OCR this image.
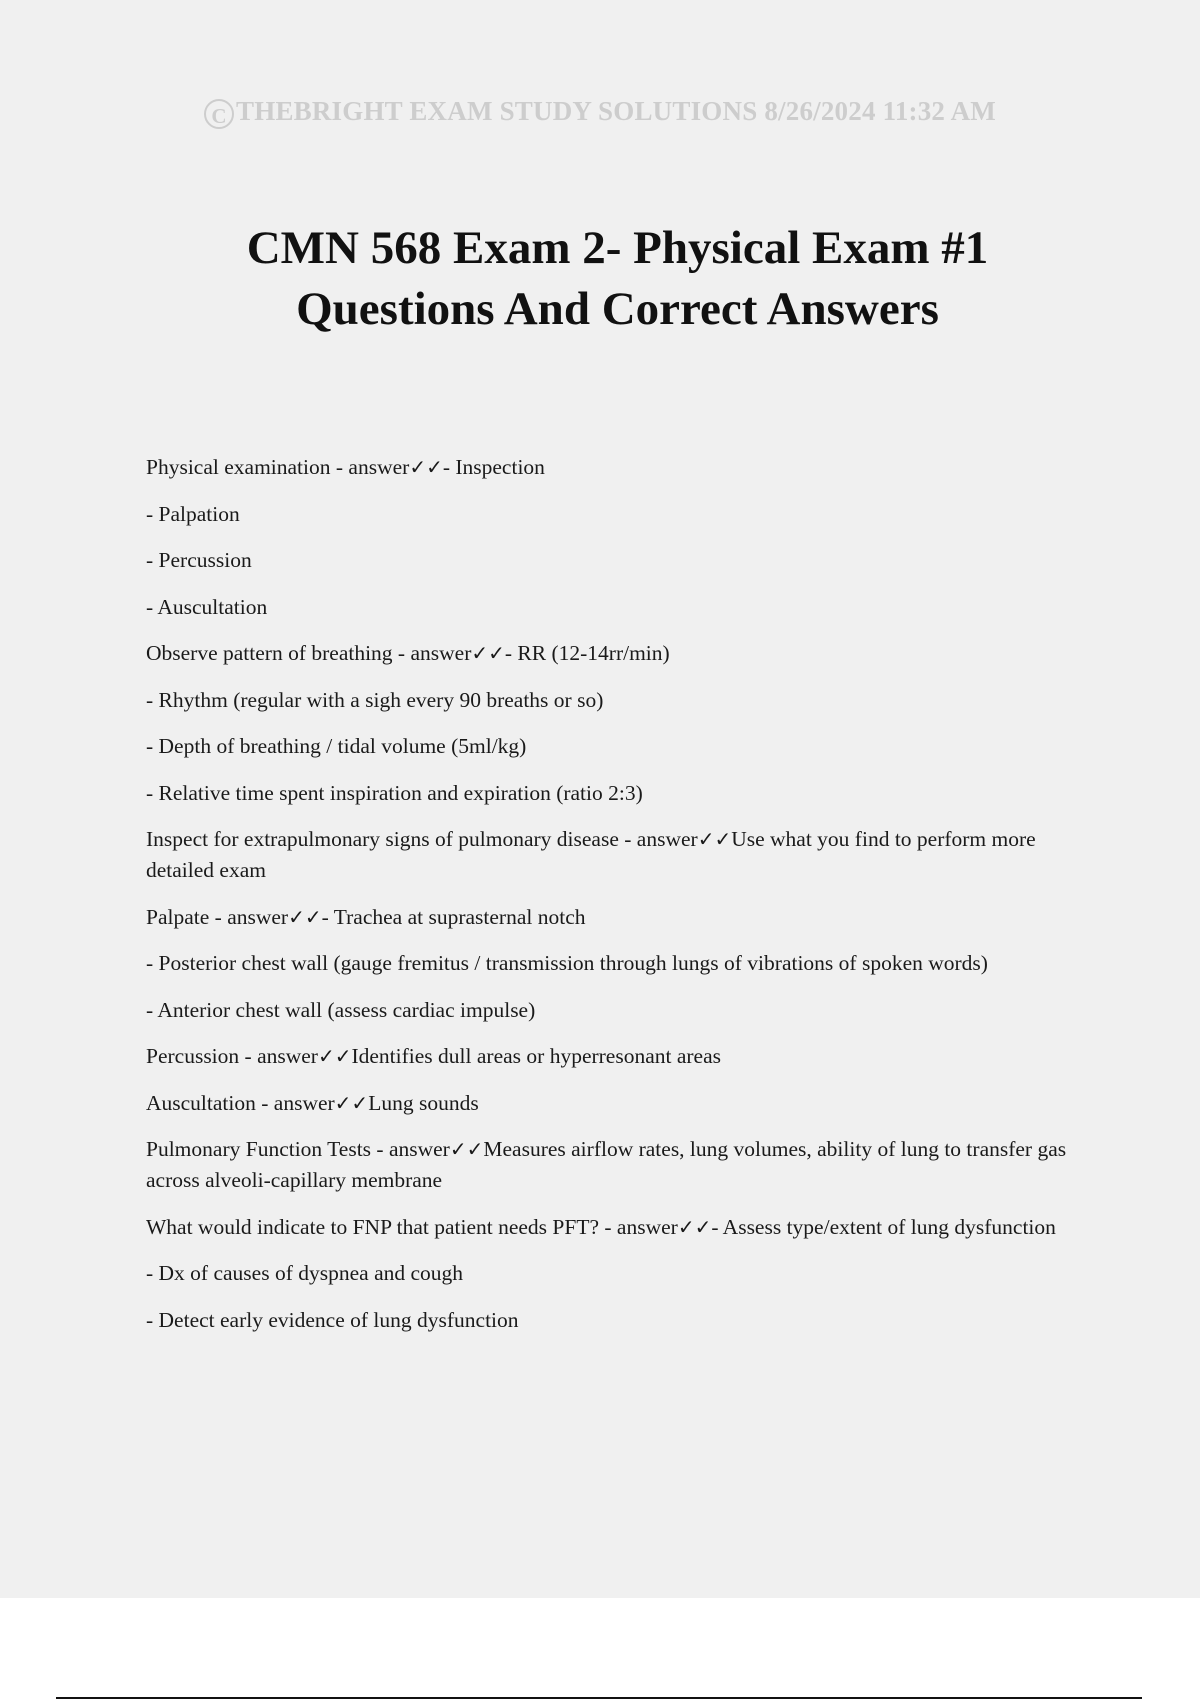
C THEBRIGHT EXAM STUDY SOLUTIONS 8/26/2024 11:32 AM
CMN 568 Exam 2- Physical Exam #1
Questions And Correct Answers

Physical examination - answer✓✓- Inspection

- Palpation

- Percussion

- Auscultation

Observe pattern of breathing - answer✓✓- RR (12-14rr/min)

- Rhythm (regular with a sigh every 90 breaths or so)

- Depth of breathing / tidal volume (5ml/kg)

- Relative time spent inspiration and expiration (ratio 2:3)

Inspect for extrapulmonary signs of pulmonary disease - answer✓✓Use what you find to perform more detailed exam

Palpate - answer✓✓- Trachea at suprasternal notch

- Posterior chest wall (gauge fremitus / transmission through lungs of vibrations of spoken words)

- Anterior chest wall (assess cardiac impulse)

Percussion - answer✓✓Identifies dull areas or hyperresonant areas

Auscultation - answer✓✓Lung sounds

Pulmonary Function Tests - answer✓✓Measures airflow rates, lung volumes, ability of lung to transfer gas across alveoli-capillary membrane

What would indicate to FNP that patient needs PFT? - answer✓✓- Assess type/extent of lung dysfunction

- Dx of causes of dyspnea and cough

- Detect early evidence of lung dysfunction
